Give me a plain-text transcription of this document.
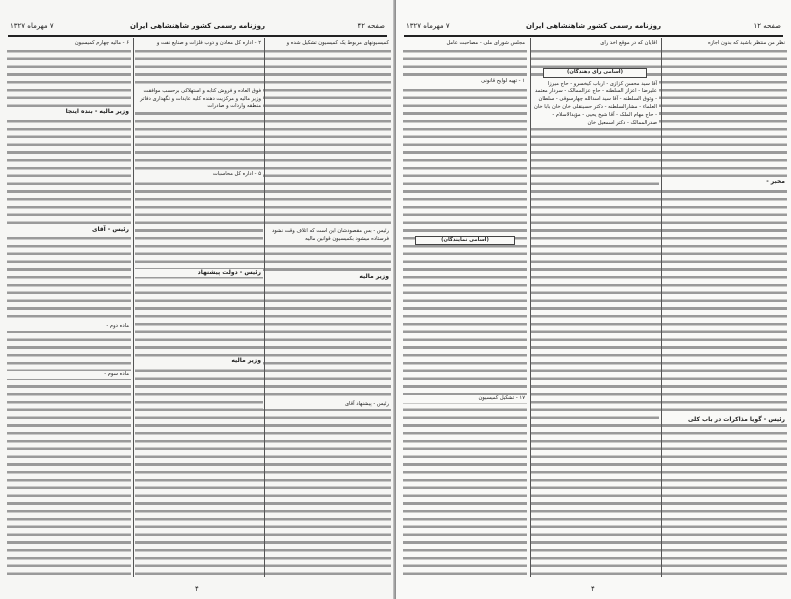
صفحه ۴۲
روزنامه رسمی کشور شاهنشاهی ایران
۷ مهرماه ۱۳۲۷

کمیسیونهای مربوط یک کمیسیون تشکیل شده و

رئیس - بس مقصودشان این است که اتلاف وقت نشود فرستاده میشود بکمیسیون قوانین مالیه

وزیر مالیه

رئیس - پیشنهاد آقای

۲ - اداره کل معادن و ذوب فلزات و صنایع نفت و

فوق العاده و فروش کتابه و استهلاکی برحسب موافقت وزیر مالیه و مرکزیت دهنده کلیه عایدات و نگهداری دفاتر منطقه واردات و صادرات

۵ - اداره کل محاسبات

رئیس - دولت پیشنهاد

وزیر مالیه

۶ - مالیه چهارم کمیسیون

وزیر مالیه - بنده اینجا

رئیس - آقای

ماده دوم -

ماده سوم -

۴
صفحه ۱۲
روزنامه رسمی کشور شاهنشاهی ایران
۷ مهرماه ۱۳۲۷

نظر من منتظر باشید که بدون اجازه

مخبر -

رئیس - گویا مذاکرات در باب کلی

آقایان که در موقع اخذ رأی

(اسامی رأی دهندگان)

آقا سید محسن کزازی - ارباب کیخسرو - حاج میرزا علیرضا - اعزاز السلطنه - حاج عزالممالک - سردار معتمد - وثوق السلطنه - آقا سید اسدالله چهارسوقی - سلطان العلماء - مشارالسلطنه - دکتر حسینقلی خان خان بابا خان - حاج مهام الملک - آقا شیخ یحیی - مؤیدالاسلام - صدرالممالک - دکتر اسمعیل خان

مجلس شورای ملی - مصاحبت عامل

۱ - تهیه لوایح قانونی

(اسامی نمایندگان)

۱۷ - تشکیل کمیسیون

۴
